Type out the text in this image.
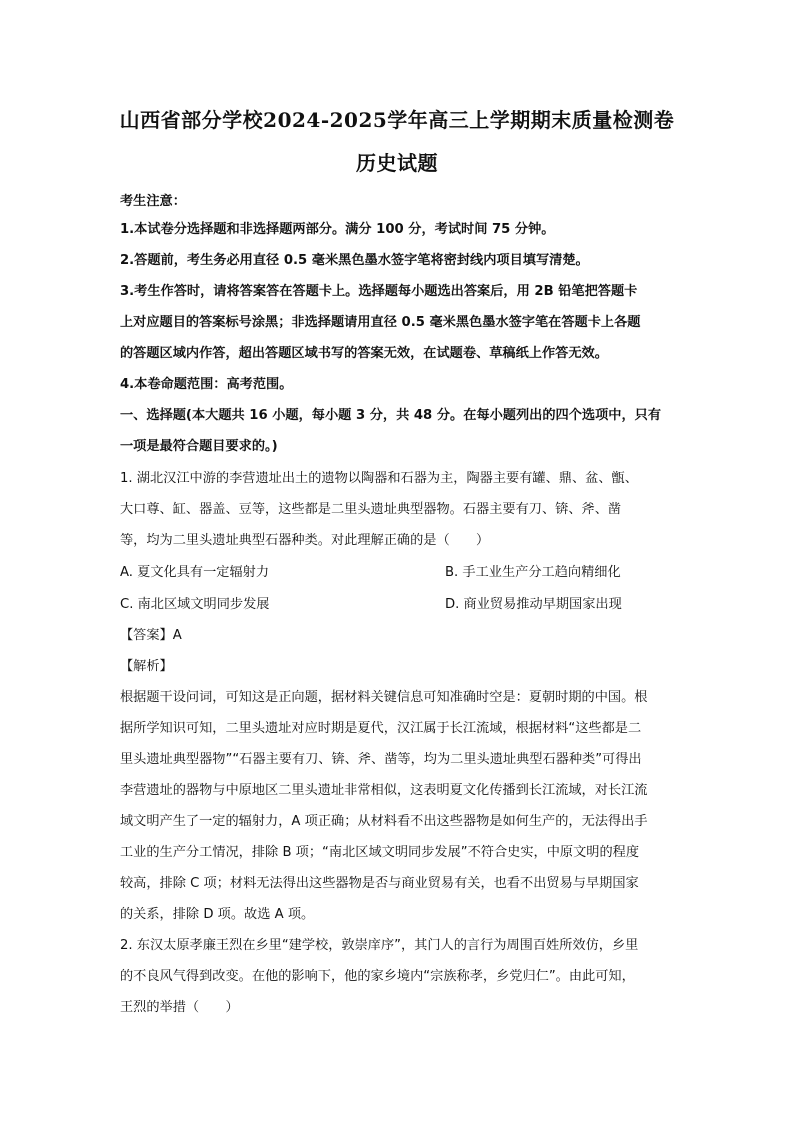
山西省部分学校2024-2025学年高三上学期期末质量检测卷
历史试题
考生注意：
1.本试卷分选择题和非选择题两部分。满分 100 分，考试时间 75 分钟。
2.答题前，考生务必用直径 0.5 毫米黑色墨水签字笔将密封线内项目填写清楚。
3.考生作答时，请将答案答在答题卡上。选择题每小题选出答案后，用 2B 铅笔把答题卡
上对应题目的答案标号涂黑；非选择题请用直径 0.5 毫米黑色墨水签字笔在答题卡上各题
的答题区域内作答，超出答题区域书写的答案无效，在试题卷、草稿纸上作答无效。
4.本卷命题范围：高考范围。
一、选择题(本大题共 16 小题，每小题 3 分，共 48 分。在每小题列出的四个选项中，只有
一项是最符合题目要求的。)
1. 湖北汉江中游的李营遗址出土的遗物以陶器和石器为主，陶器主要有罐、鼎、盆、甑、
大口尊、缸、器盖、豆等，这些都是二里头遗址典型器物。石器主要有刀、锛、斧、凿
等，均为二里头遗址典型石器种类。对此理解正确的是（　　）
A. 夏文化具有一定辐射力	B. 手工业生产分工趋向精细化
C. 南北区域文明同步发展	D. 商业贸易推动早期国家出现
【答案】A
【解析】
根据题干设问词，可知这是正向题，据材料关键信息可知准确时空是：夏朝时期的中国。根
据所学知识可知，二里头遗址对应时期是夏代，汉江属于长江流域，根据材料“这些都是二
里头遗址典型器物”“石器主要有刀、锛、斧、凿等，均为二里头遗址典型石器种类”可得出
李营遗址的器物与中原地区二里头遗址非常相似，这表明夏文化传播到长江流域，对长江流
域文明产生了一定的辐射力，A 项正确；从材料看不出这些器物是如何生产的，无法得出手
工业的生产分工情况，排除 B 项；“南北区域文明同步发展”不符合史实，中原文明的程度
较高，排除 C 项；材料无法得出这些器物是否与商业贸易有关，也看不出贸易与早期国家
的关系，排除 D 项。故选 A 项。
2. 东汉太原孝廉王烈在乡里“建学校，敦崇庠序”，其门人的言行为周围百姓所效仿，乡里
的不良风气得到改变。在他的影响下，他的家乡境内“宗族称孝，乡党归仁”。由此可知，
王烈的举措（　　）
